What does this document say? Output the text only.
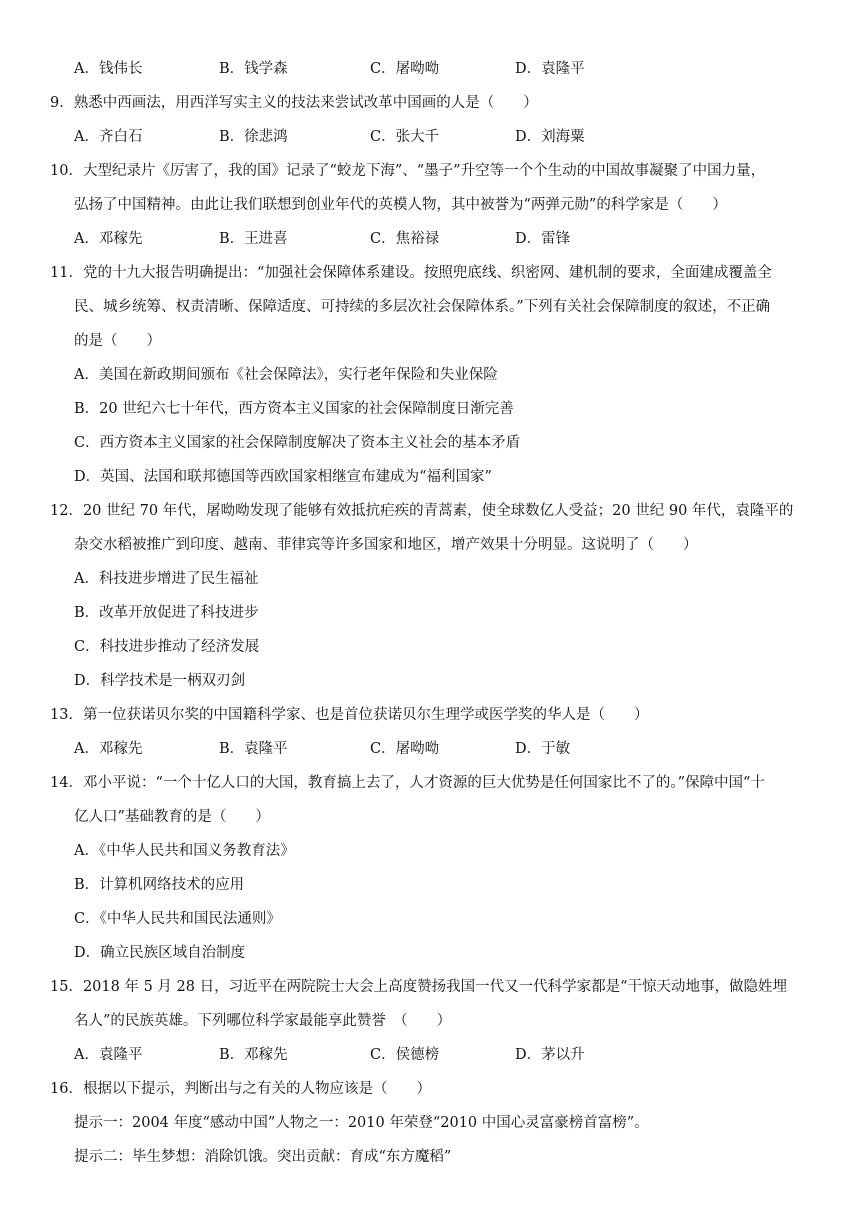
A．钱伟长	B．钱学森	C．屠呦呦	D．袁隆平
9．熟悉中西画法，用西洋写实主义的技法来尝试改革中国画的人是（　　）
A．齐白石	B．徐悲鸿	C．张大千	D．刘海粟
10．大型纪录片《厉害了，我的国》记录了“蛟龙下海”、“墨子”升空等一个个生动的中国故事凝聚了中国力量，
弘扬了中国精神。由此让我们联想到创业年代的英模人物，其中被誉为“两弹元勋”的科学家是（　　）
A．邓稼先	B．王进喜	C．焦裕禄	D．雷锋
11．党的十九大报告明确提出：“加强社会保障体系建设。按照兜底线、织密网、建机制的要求，全面建成覆盖全
民、城乡统筹、权责清晰、保障适度、可持续的多层次社会保障体系。”下列有关社会保障制度的叙述，不正确
的是（　　）
A．美国在新政期间颁布《社会保障法》，实行老年保险和失业保险
B．20 世纪六七十年代，西方资本主义国家的社会保障制度日渐完善
C．西方资本主义国家的社会保障制度解决了资本主义社会的基本矛盾
D．英国、法国和联邦德国等西欧国家相继宣布建成为“福利国家”
12．20 世纪 70 年代，屠呦呦发现了能够有效抵抗疟疾的青蒿素，使全球数亿人受益；20 世纪 90 年代，袁隆平的
杂交水稻被推广到印度、越南、菲律宾等许多国家和地区，增产效果十分明显。这说明了（　　）
A．科技进步增进了民生福祉
B．改革开放促进了科技进步
C．科技进步推动了经济发展
D．科学技术是一柄双刃剑
13．第一位获诺贝尔奖的中国籍科学家、也是首位获诺贝尔生理学或医学奖的华人是（　　）
A．邓稼先	B．袁隆平	C．屠呦呦	D．于敏
14．邓小平说：“一个十亿人口的大国，教育搞上去了，人才资源的巨大优势是任何国家比不了的。”保障中国“十
亿人口”基础教育的是（　　）
A．《中华人民共和国义务教育法》
B．计算机网络技术的应用
C．《中华人民共和国民法通则》
D．确立民族区域自治制度
15．2018 年 5 月 28 日，习近平在两院院士大会上高度赞扬我国一代又一代科学家都是“干惊天动地事，做隐姓埋
名人”的民族英雄。下列哪位科学家最能享此赞誉　（　　）
A．袁隆平	B．邓稼先	C．侯德榜	D．茅以升
16．根据以下提示，判断出与之有关的人物应该是（　　）
提示一：2004 年度“感动中国”人物之一：2010 年荣登“2010 中国心灵富豪榜首富榜”。
提示二：毕生梦想：消除饥饿。突出贡献：育成“东方魔稻”
